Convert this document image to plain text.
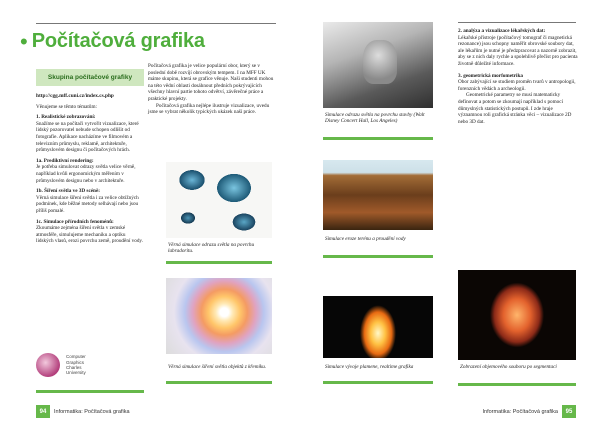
• Počítačová grafika
Skupina počítačové grafiky

http://cgg.mff.cuni.cz/index.cs.php

Věnujeme se těmto tématům:

1. Realistické zobrazování:
Snažíme se na počítači vytvořit vizualizace, které lidský pozorovatel nebude schopen odlišit od fotografie. Aplikace nacházíme ve filmovém a televizním průmyslu, reklamě, architektuře, průmyslovém designu či počítačových hrách.

1a. Prediktivní rendering:
Je potřeba simulovat odrazy světla velice věrně, například kvůli ergonomickým měřením v průmyslovém designu nebo v architektuře.

1b. Šíření světla ve 3D scéně:
Věrná simulace šíření světla i za velice obtížných podmínek, kde běžné metody selhávají nebo jsou příliš pomalé.

1c. Simulace přírodních fenoménů:
Zkoumáme zejména šíření světla v zemské atmosféře, simulujeme mechaniku a optiku lidských vlasů, erozi povrchu země, proudění vody.

Computer
Graphics
Charles
University

Počítačová grafika je velice populární obor, který se v poslední době rozvíjí obrovským tempem. I na MFF UK máme skupinu, která se grafice věnuje. Naši studenti mohou na této vědní oblasti dosáhnout předních pokrývajících všechny hlavní partie tohoto odvětví, závěrečné práce a praktické projekty.

Počítačová grafika nejlépe ilustruje vizualizace, uvedu jsme se vybrat několik typických ukázek naší práce.

Věrná simulace odrazu světla na povrchu labradoritu.
Věrná simulace šíření světla objektů z křemíku.
Simulace odrazu světla na povrchu stavby (Walt Disney Concert Hall, Los Angeles)
Simulace eroze terénu a proudění vody
Simulace vývoje plamene, realtime grafika

2. analýza a vizualizace lékařských dat:

Lékařské přístroje (počítačový tomograf či magnetická rezonance) jsou schopny naměřit obrovské soubory dat, ale lékařům je nutné je předzpracovat a nazorně zobrazit, aby se z nich daly rychle a spolehlivě přečíst pro pacienta životně důležité informace.

3. geometrická morfometrika

Obor zabývající se studiem proměn tvarů v antropologii, forenzních vědách a archeologii.

Geometrické parametry se musí matematicky definovat a potom se zkoumají například s pomocí důmyslných statistických postupů. I zde hraje významnou roli grafická stránka věci – vizualizace 2D nebo 3D dat.

Zobrazení objemového souboru po segmentaci
94	Informatika: Počítačová grafika	Informatika: Počítačová grafika	95
